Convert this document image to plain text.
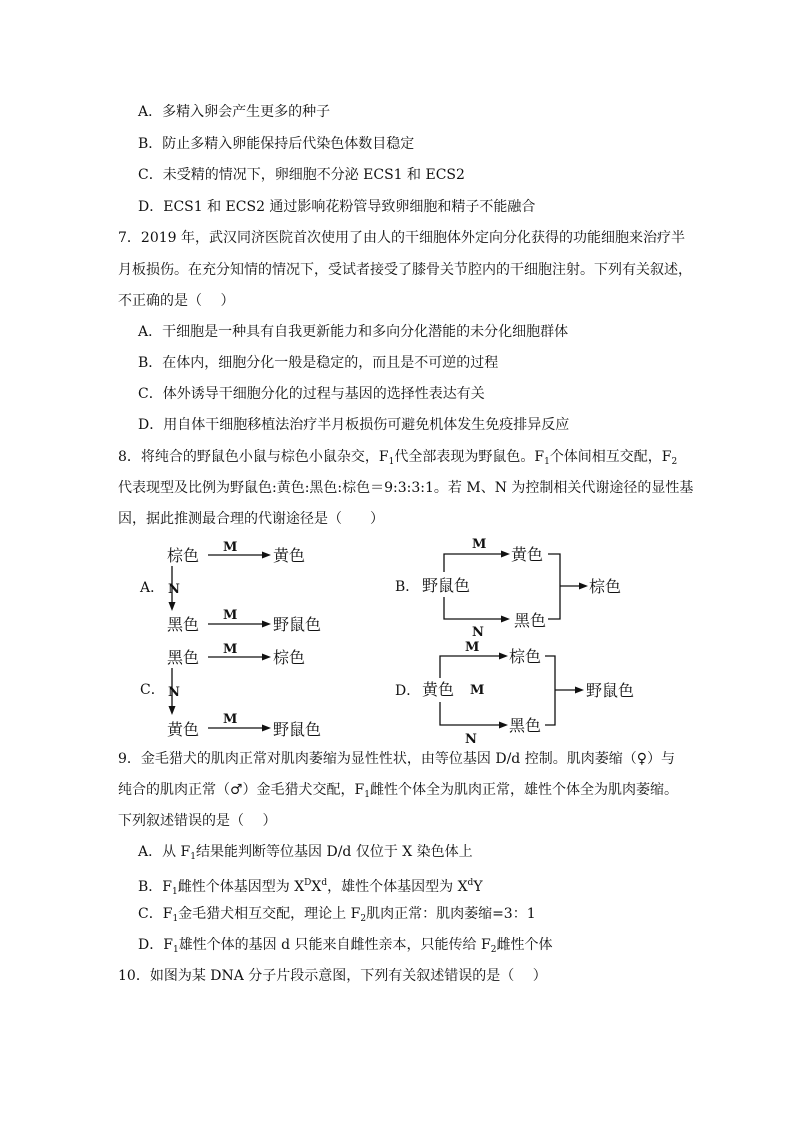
A．多精入卵会产生更多的种子
B．防止多精入卵能保持后代染色体数目稳定
C．未受精的情况下，卵细胞不分泌 ECS1 和 ECS2
D．ECS1 和 ECS2 通过影响花粉管导致卵细胞和精子不能融合
7．2019 年，武汉同济医院首次使用了由人的干细胞体外定向分化获得的功能细胞来治疗半
月板损伤。在充分知情的情况下，受试者接受了膝骨关节腔内的干细胞注射。下列有关叙述，
不正确的是（　 ）
A．干细胞是一种具有自我更新能力和多向分化潜能的未分化细胞群体
B．在体内，细胞分化一般是稳定的，而且是不可逆的过程
C．体外诱导干细胞分化的过程与基因的选择性表达有关
D．用自体干细胞移植法治疗半月板损伤可避免机体发生免疫排异反应
8．将纯合的野鼠色小鼠与棕色小鼠杂交，$F_1$代全部表现为野鼠色。$F_1$个体间相互交配，$F_2$
代表现型及比例为野鼠色:黄色:黑色:棕色＝9:3:3:1。若 M、N 为控制相关代谢途径的显性基
因，据此推测最合理的代谢途径是（　　）
A．
棕色 M 黄色
N
黑色 M 野鼠色
B． 野鼠色
M
黄色
N
黑色
棕色
C．
黑色 M 棕色
N
黄色
M
野鼠色
D． 黄色 M
M 棕色
N
黑色
野鼠色
9．金毛猎犬的肌肉正常对肌肉萎缩为显性性状，由等位基因 D/d 控制。肌肉萎缩（♀）与
纯合的肌肉正常（♂）金毛猎犬交配，$F_1$雌性个体全为肌肉正常，雄性个体全为肌肉萎缩。
下列叙述错误的是（　 ）
A．从 $F_1$结果能判断等位基因 D/d 仅位于 X 染色体上
B．$F_1$雌性个体基因型为 $X^DX^d$，雄性个体基因型为 $X^dY$
C．$F_1$金毛猎犬相互交配，理论上 $F_2$肌肉正常：肌肉萎缩=3：1
D．$F_1$雄性个体的基因 d 只能来自雌性亲本，只能传给 $F_2$雌性个体
10．如图为某 DNA 分子片段示意图，下列有关叙述错误的是（　 ）
